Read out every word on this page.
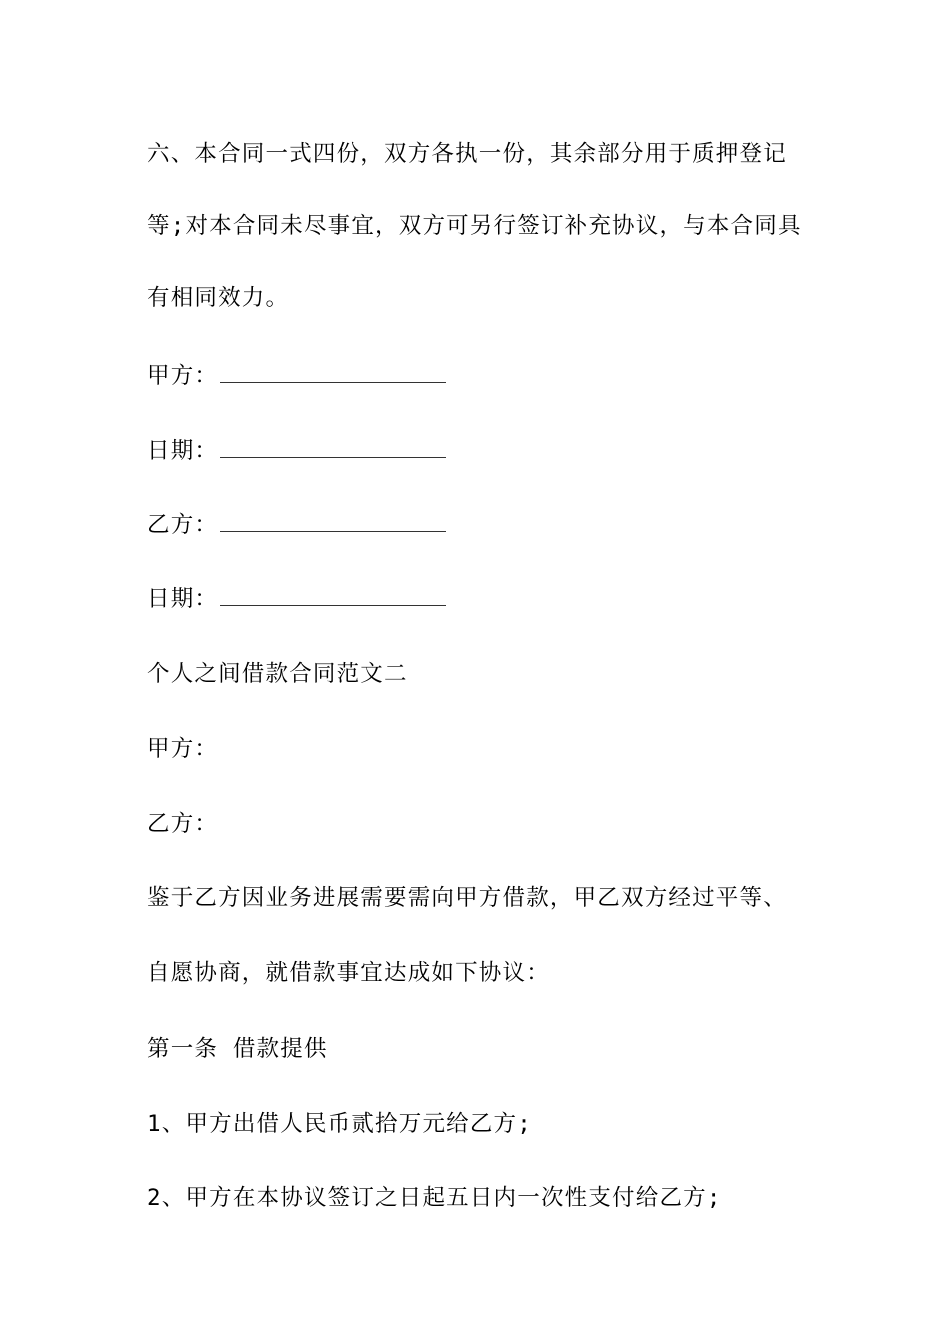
六、本合同一式四份，双方各执一份，其余部分用于质押登记
等;对本合同未尽事宜，双方可另行签订补充协议，与本合同具
有相同效力。
甲方：
日期：
乙方：
日期：
个人之间借款合同范文二
甲方：
乙方：
鉴于乙方因业务进展需要需向甲方借款，甲乙双方经过平等、
自愿协商，就借款事宜达成如下协议：
第一条 借款提供
1、甲方出借人民币贰拾万元给乙方;
2、甲方在本协议签订之日起五日内一次性支付给乙方;
